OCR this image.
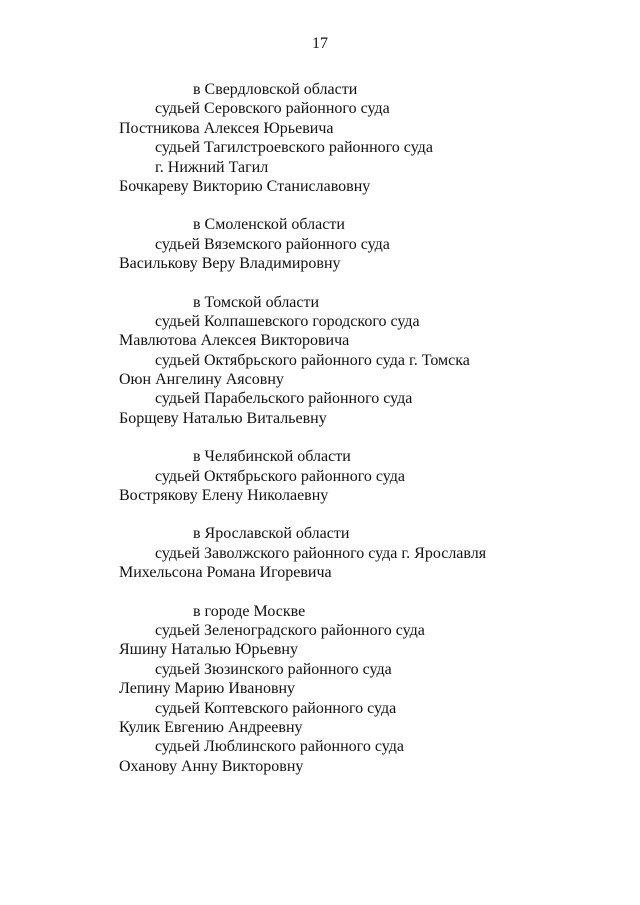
17
в Свердловской области
судьей Серовского районного суда
Постникова Алексея Юрьевича
судьей Тагилстроевского районного суда
г. Нижний Тагил
Бочкареву Викторию Станиславовну
в Смоленской области
судьей Вяземского районного суда
Василькову Веру Владимировну
в Томской области
судьей Колпашевского городского суда
Мавлютова Алексея Викторовича
судьей Октябрьского районного суда г. Томска
Оюн Ангелину Аясовну
судьей Парабельского районного суда
Борщеву Наталью Витальевну
в Челябинской области
судьей Октябрьского районного суда
Вострякову Елену Николаевну
в Ярославской области
судьей Заволжского районного суда г. Ярославля
Михельсона Романа Игоревича
в городе Москве
судьей Зеленоградского районного суда
Яшину Наталью Юрьевну
судьей Зюзинского районного суда
Лепину Марию Ивановну
судьей Коптевского районного суда
Кулик Евгению Андреевну
судьей Люблинского районного суда
Оханову Анну Викторовну
